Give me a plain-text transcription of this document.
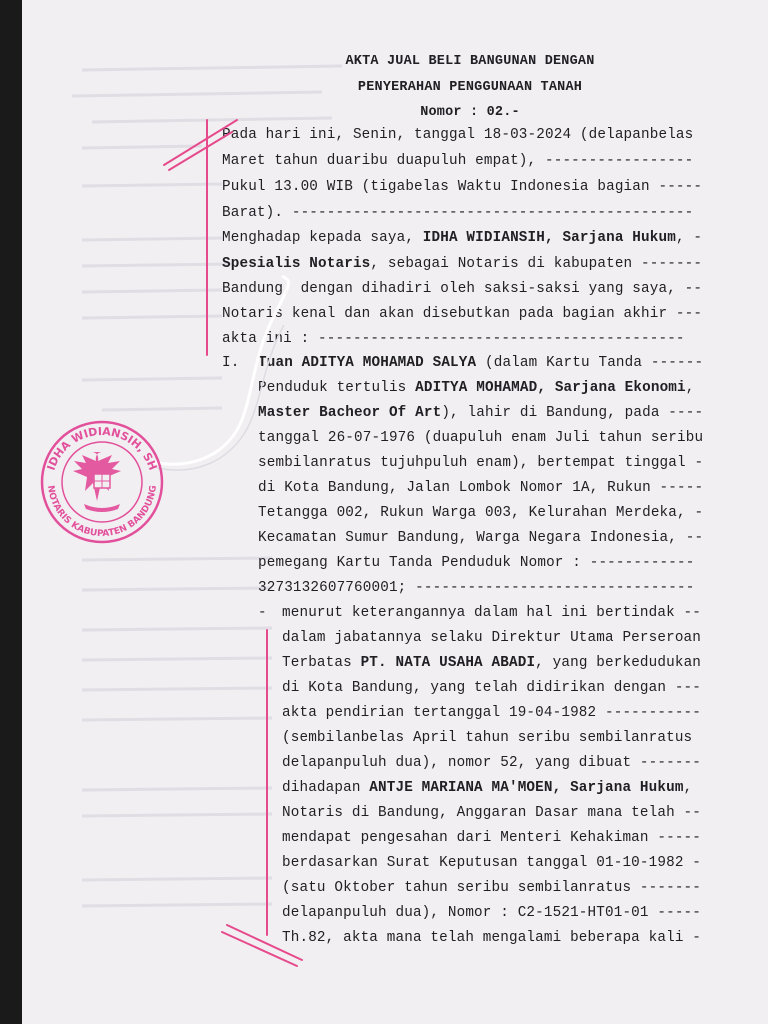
AKTA JUAL BELI BANGUNAN DENGAN
PENYERAHAN PENGGUNAAN TANAH
Nomor : 02.-
Pada hari ini, Senin, tanggal 18-03-2024 (delapanbelas
Maret tahun duaribu duapuluh empat), -----------------
Pukul 13.00 WIB (tigabelas Waktu Indonesia bagian -----
Barat). ----------------------------------------------
Menghadap kepada saya, IDHA WIDIANSIH, Sarjana Hukum, -
Spesialis Notaris, sebagai Notaris di kabupaten -------
Bandung, dengan dihadiri oleh saksi-saksi yang saya, --
Notaris kenal dan akan disebutkan pada bagian akhir ---
akta ini : ------------------------------------------
I. Tuan ADITYA MOHAMAD SALYA (dalam Kartu Tanda ------
Penduduk tertulis ADITYA MOHAMAD, Sarjana Ekonomi,
Master Bacheor Of Art), lahir di Bandung, pada ----
tanggal 26-07-1976 (duapuluh enam Juli tahun seribu
sembilanratus tujuhpuluh enam), bertempat tinggal -
di Kota Bandung, Jalan Lombok Nomor 1A, Rukun -----
Tetangga 002, Rukun Warga 003, Kelurahan Merdeka, -
Kecamatan Sumur Bandung, Warga Negara Indonesia, --
pemegang Kartu Tanda Penduduk Nomor : ------------
3273132607760001; --------------------------------
- menurut keterangannya dalam hal ini bertindak --
dalam jabatannya selaku Direktur Utama Perseroan
Terbatas PT. NATA USAHA ABADI, yang berkedudukan
di Kota Bandung, yang telah didirikan dengan ---
akta pendirian tertanggal 19-04-1982 -----------
(sembilanbelas April tahun seribu sembilanratus
delapanpuluh dua), nomor 52, yang dibuat -------
dihadapan ANTJE MARIANA MA'MOEN, Sarjana Hukum,
Notaris di Bandung, Anggaran Dasar mana telah --
mendapat pengesahan dari Menteri Kehakiman -----
berdasarkan Surat Keputusan tanggal 01-10-1982 -
(satu Oktober tahun seribu sembilanratus -------
delapanpuluh dua), Nomor : C2-1521-HT01-01 -----
Th.82, akta mana telah mengalami beberapa kali -
IDHA WIDIANSIH, SH
NOTARIS KABUPATEN BANDUNG
